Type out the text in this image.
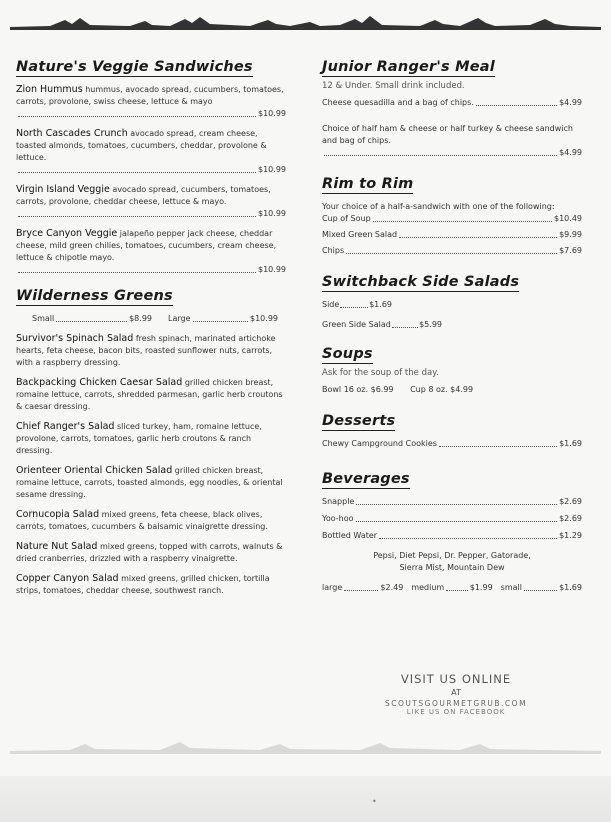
Nature's Veggie Sandwiches
Zion Hummus hummus, avocado spread, cucumbers, tomatoes, carrots, provolone, swiss cheese, lettuce & mayo
$10.99
North Cascades Crunch avocado spread, cream cheese, toasted almonds, tomatoes, cucumbers, cheddar, provolone & lettuce.
$10.99
Virgin Island Veggie avocado spread, cucumbers, tomatoes, carrots, provolone, cheddar cheese, lettuce & mayo.
$10.99
Bryce Canyon Veggie jalapeño pepper jack cheese, cheddar cheese, mild green chilies, tomatoes, cucumbers, cream cheese, lettuce & chipotle mayo.
$10.99
Wilderness Greens
Small	$8.99 Large	$10.99
Survivor's Spinach Salad fresh spinach, marinated artichoke hearts, feta cheese, bacon bits, roasted sunflower nuts, carrots, with a raspberry dressing.
Backpacking Chicken Caesar Salad grilled chicken breast, romaine lettuce, carrots, shredded parmesan, garlic herb croutons & caesar dressing.
Chief Ranger's Salad sliced turkey, ham, romaine lettuce, provolone, carrots, tomatoes, garlic herb croutons & ranch dressing.
Orienteer Oriental Chicken Salad grilled chicken breast, romaine lettuce, carrots, toasted almonds, egg noodles, & oriental sesame dressing.
Cornucopia Salad mixed greens, feta cheese, black olives, carrots, tomatoes, cucumbers & balsamic vinaigrette dressing.
Nature Nut Salad mixed greens, topped with carrots, walnuts & dried cranberries, drizzled with a raspberry vinaigrette.
Copper Canyon Salad mixed greens, grilled chicken, tortilla strips, tomatoes, cheddar cheese, southwest ranch.
Junior Ranger's Meal
12 & Under. Small drink included.
Cheese quesadilla and a bag of chips.	$4.99
Choice of half ham & cheese or half turkey & cheese sandwich and bag of chips.
$4.99
Rim to Rim
Your choice of a half-a-sandwich with one of the following:
Cup of Soup	$10.49
Mixed Green Salad	$9.99
Chips	$7.69
Switchback Side Salads
Side	$1.69
Green Side Salad	$5.99
Soups
Ask for the soup of the day.
Bowl 16 oz. $6.99 Cup 8 oz. $4.99
Desserts
Chewy Campground Cookies	$1.69
Beverages
Snapple	$2.69
Yoo-hoo	$2.69
Bottled Water	$1.29
Pepsi, Diet Pepsi, Dr. Pepper, Gatorade, Sierra Mist, Mountain Dew
large	$2.49 medium	$1.99 small	$1.69
VISIT US ONLINE
AT
SCOUTSGOURMETGRUB.COM
LIKE US ON FACEBOOK
•
